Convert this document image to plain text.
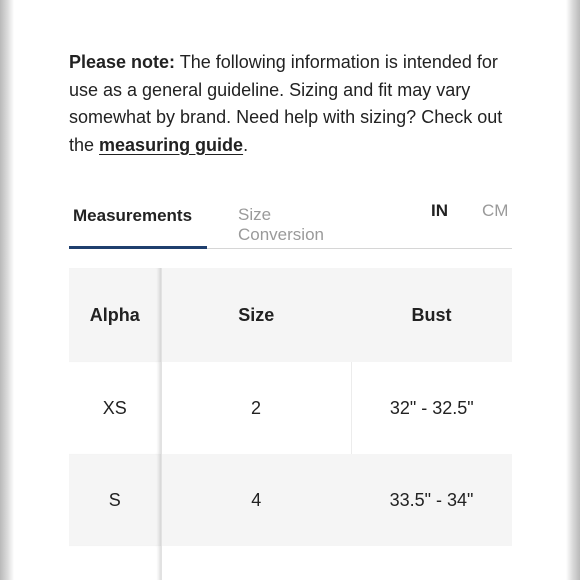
Please note: The following information is intended for use as a general guideline. Sizing and fit may vary somewhat by brand. Need help with sizing? Check out the measuring guide.

Measurements	Size Conversion
IN CM
Alpha	Size	Bust
XS	2	32" - 32.5"
S	4	33.5" - 34"
